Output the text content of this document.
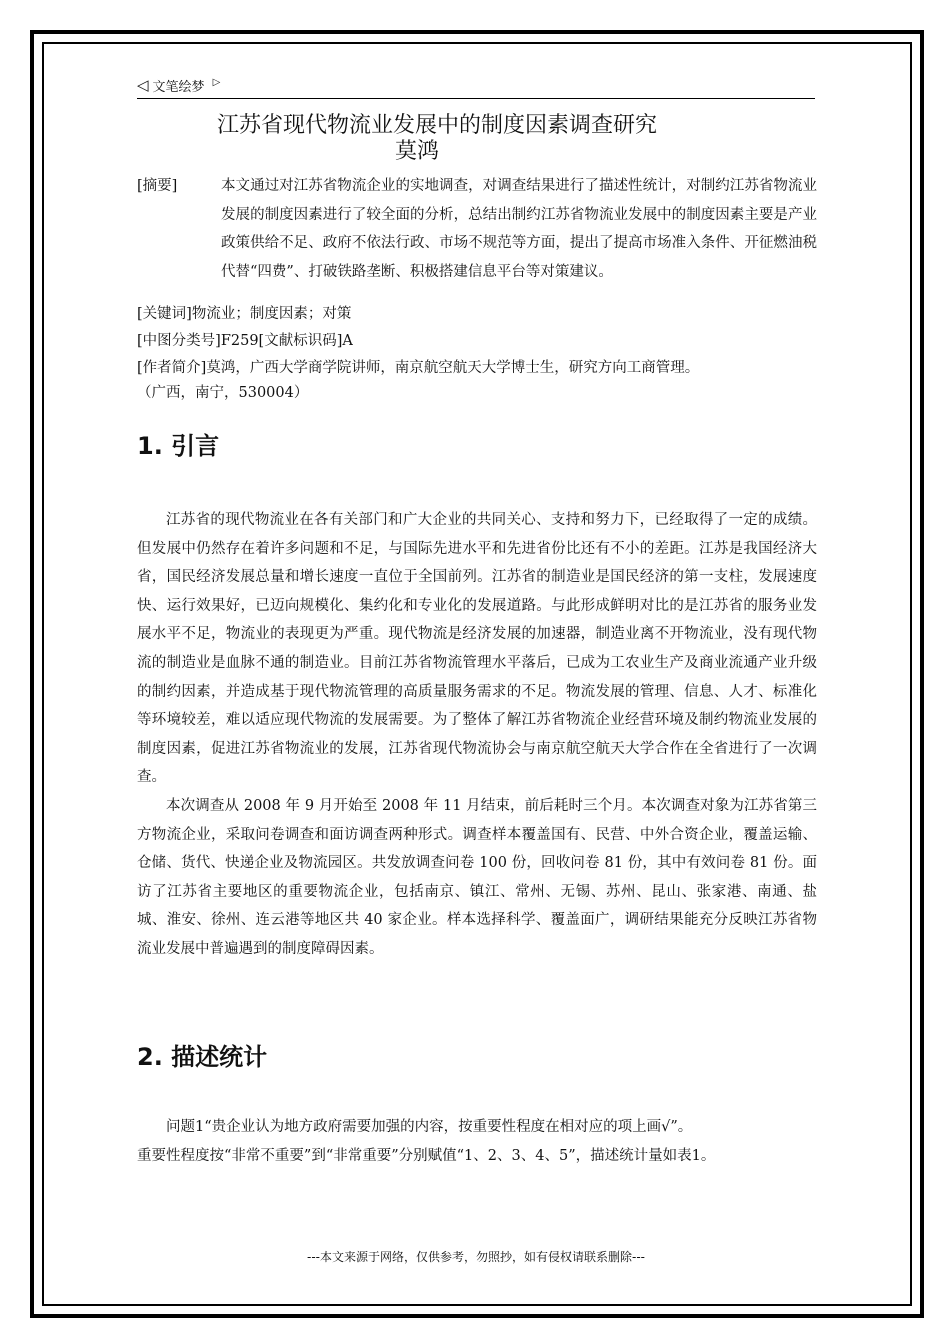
◁ 文笔绘梦 ▷
江苏省现代物流业发展中的制度因素调查研究
莫鸿
[摘要]	本文通过对江苏省物流企业的实地调查，对调查结果进行了描述性统计，对制约江苏省物流业发展的制度因素进行了较全面的分析，总结出制约江苏省物流业发展中的制度因素主要是产业政策供给不足、政府不依法行政、市场不规范等方面，提出了提高市场准入条件、开征燃油税代替“四费”、打破铁路垄断、积极搭建信息平台等对策建议。
[关键词]物流业；制度因素；对策
[中图分类号]F259[文献标识码]A
[作者简介]莫鸿，广西大学商学院讲师，南京航空航天大学博士生，研究方向工商管理。
（广西，南宁，530004）
1. 引言

江苏省的现代物流业在各有关部门和广大企业的共同关心、支持和努力下，已经取得了一定的成绩。但发展中仍然存在着许多问题和不足，与国际先进水平和先进省份比还有不小的差距。江苏是我国经济大省，国民经济发展总量和增长速度一直位于全国前列。江苏省的制造业是国民经济的第一支柱，发展速度快、运行效果好，已迈向规模化、集约化和专业化的发展道路。与此形成鲜明对比的是江苏省的服务业发展水平不足，物流业的表现更为严重。现代物流是经济发展的加速器，制造业离不开物流业，没有现代物流的制造业是血脉不通的制造业。目前江苏省物流管理水平落后，已成为工农业生产及商业流通产业升级的制约因素，并造成基于现代物流管理的高质量服务需求的不足。物流发展的管理、信息、人才、标准化等环境较差，难以适应现代物流的发展需要。为了整体了解江苏省物流企业经营环境及制约物流业发展的制度因素，促进江苏省物流业的发展，江苏省现代物流协会与南京航空航天大学合作在全省进行了一次调查。

本次调查从 2008 年 9 月开始至 2008 年 11 月结束，前后耗时三个月。本次调查对象为江苏省第三方物流企业，采取问卷调查和面访调查两种形式。调查样本覆盖国有、民营、中外合资企业，覆盖运输、仓储、货代、快递企业及物流园区。共发放调查问卷 100 份，回收问卷 81 份，其中有效问卷 81 份。面访了江苏省主要地区的重要物流企业，包括南京、镇江、常州、无锡、苏州、昆山、张家港、南通、盐城、淮安、徐州、连云港等地区共 40 家企业。样本选择科学、覆盖面广，调研结果能充分反映江苏省物流业发展中普遍遇到的制度障碍因素。

2. 描述统计

问题1“贵企业认为地方政府需要加强的内容，按重要性程度在相对应的项上画√”。

重要性程度按“非常不重要”到“非常重要”分别赋值“1、2、3、4、5”，描述统计量如表1。
---本文来源于网络，仅供参考，勿照抄，如有侵权请联系删除---
